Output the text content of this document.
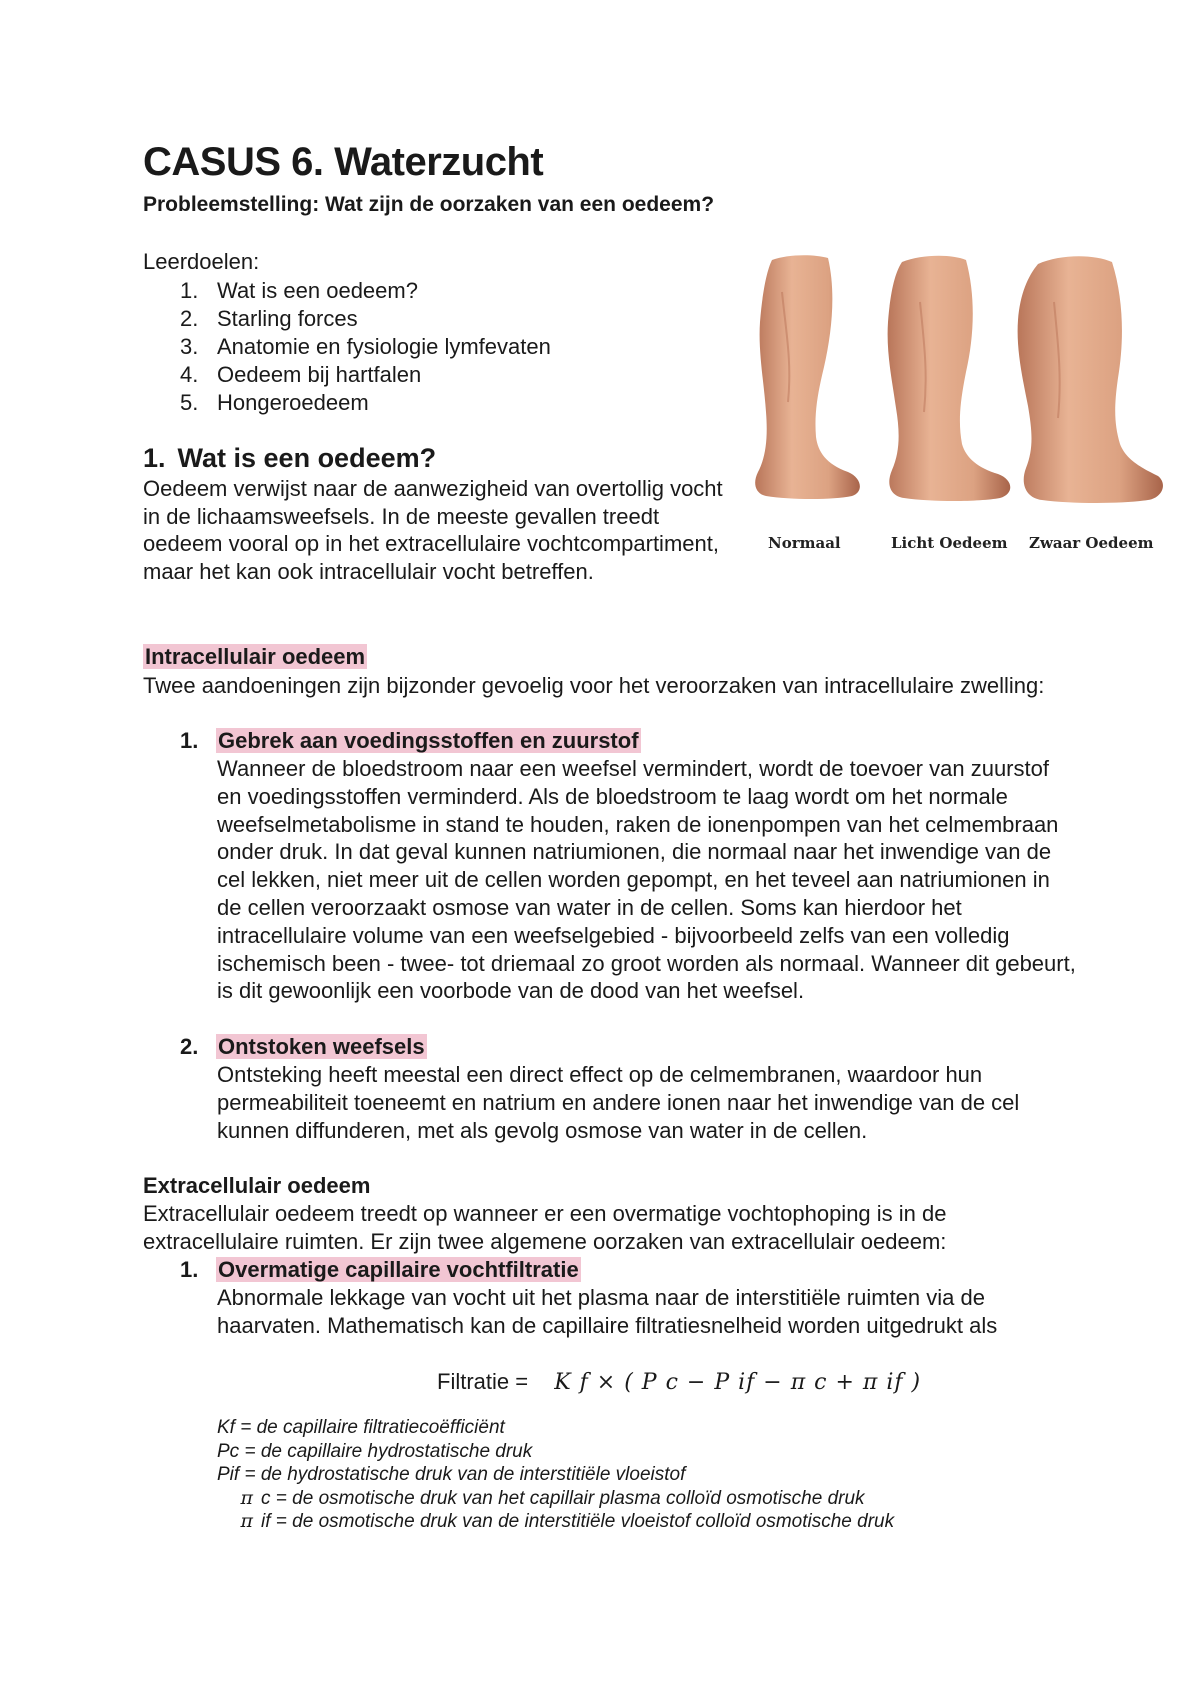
CASUS 6. Waterzucht
Probleemstelling: Wat zijn de oorzaken van een oedeem?
Leerdoelen:
1. Wat is een oedeem?
2. Starling forces
3. Anatomie en fysiologie lymfevaten
4. Oedeem bij hartfalen
5. Hongeroedeem
1. Wat is een oedeem?

Oedeem verwijst naar de aanwezigheid van overtollig vocht in de lichaamsweefsels. In de meeste gevallen treedt oedeem vooral op in het extracellulaire vochtcompartiment, maar het kan ook intracellulair vocht betreffen.

Normaal	Licht Oedeem Zwaar Oedeem
Intracellulair oedeem

Twee aandoeningen zijn bijzonder gevoelig voor het veroorzaken van intracellulaire zwelling:

1. Gebrek aan voedingsstoffen en zuurstof

Wanneer de bloedstroom naar een weefsel vermindert, wordt de toevoer van zuurstof en voedingsstoffen verminderd. Als de bloedstroom te laag wordt om het normale weefselmetabolisme in stand te houden, raken de ionenpompen van het celmembraan onder druk. In dat geval kunnen natriumionen, die normaal naar het inwendige van de cel lekken, niet meer uit de cellen worden gepompt, en het teveel aan natriumionen in de cellen veroorzaakt osmose van water in de cellen. Soms kan hierdoor het intracellulaire volume van een weefselgebied - bijvoorbeeld zelfs van een volledig ischemisch been - twee- tot driemaal zo groot worden als normaal. Wanneer dit gebeurt, is dit gewoonlijk een voorbode van de dood van het weefsel.

2. Ontstoken weefsels

Ontsteking heeft meestal een direct effect op de celmembranen, waardoor hun permeabiliteit toeneemt en natrium en andere ionen naar het inwendige van de cel kunnen diffunderen, met als gevolg osmose van water in de cellen.

Extracellulair oedeem

Extracellulair oedeem treedt op wanneer er een overmatige vochtophoping is in de extracellulaire ruimten. Er zijn twee algemene oorzaken van extracellulair oedeem:

1. Overmatige capillaire vochtfiltratie

Abnormale lekkage van vocht uit het plasma naar de interstitiële ruimten via de haarvaten. Mathematisch kan de capillaire filtratiesnelheid worden uitgedrukt als

Filtratie = K f × ( P c − P if − π c + π if )
Kf = de capillaire filtratiecoëfficiënt
Pc = de capillaire hydrostatische druk
Pif = de hydrostatische druk van de interstitiële vloeistof
π c = de osmotische druk van het capillair plasma colloïd osmotische druk
π if = de osmotische druk van de interstitiële vloeistof colloïd osmotische druk
